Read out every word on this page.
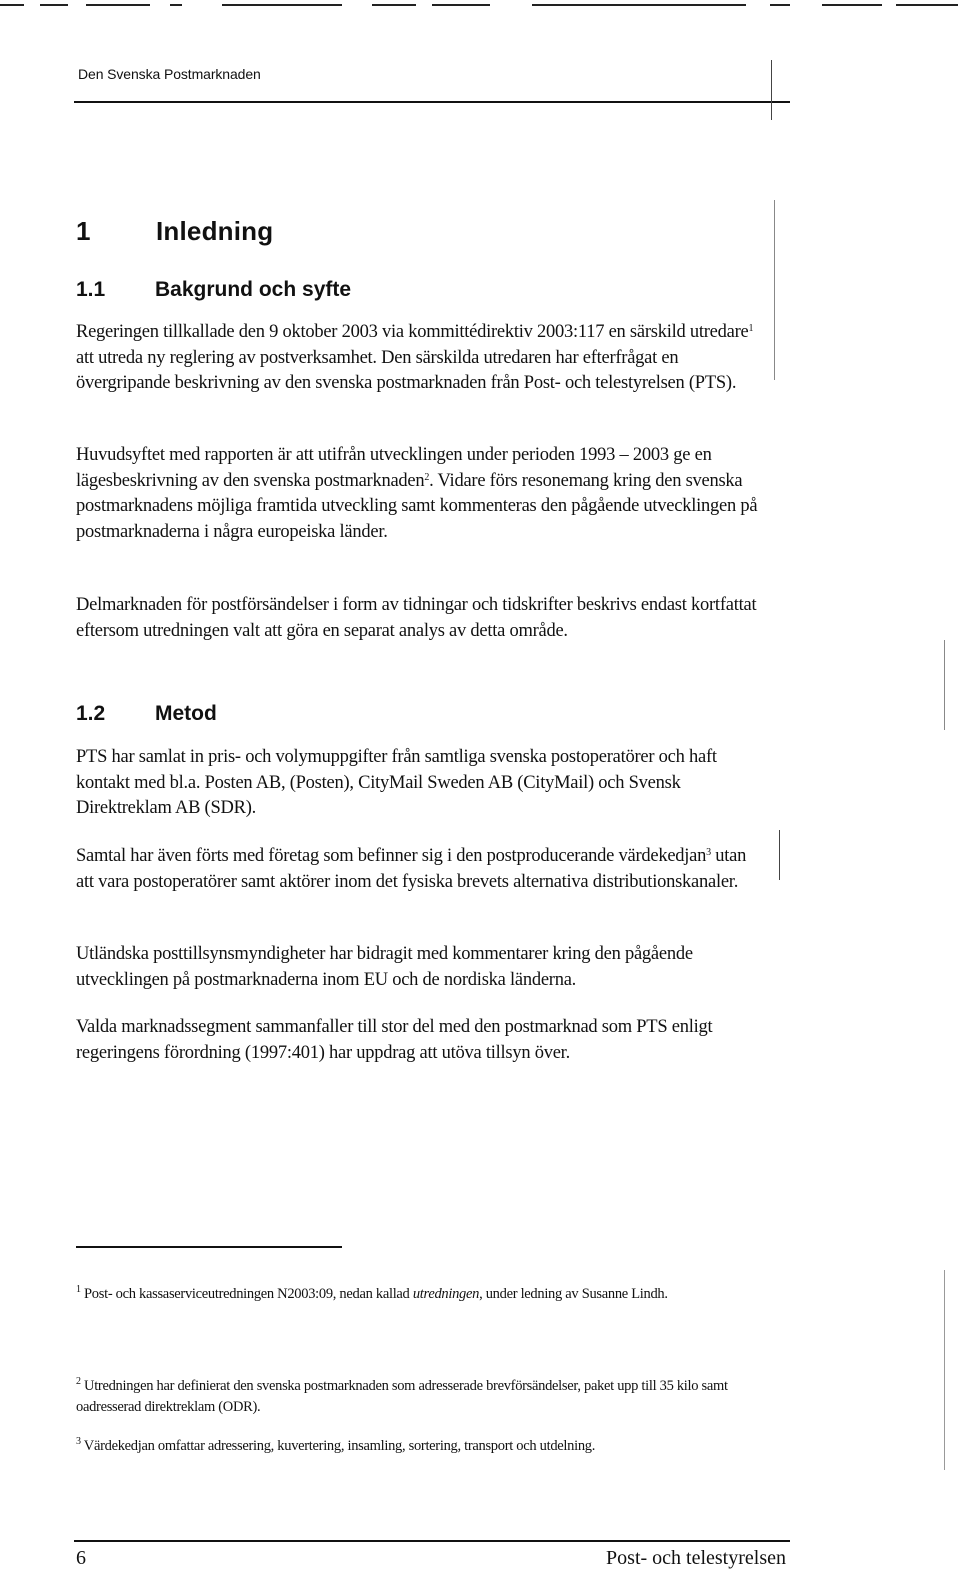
Den Svenska Postmarknaden
1	Inledning
1.1 Bakgrund och syfte

Regeringen tillkallade den 9 oktober 2003 via kommittédirektiv 2003:117 en särskild utredare$^1$ att utreda ny reglering av postverksamhet. Den särskilda utredaren har efterfrågat en övergripande beskrivning av den svenska postmarknaden från Post- och telestyrelsen (PTS).

Huvudsyftet med rapporten är att utifrån utvecklingen under perioden 1993 – 2003 ge en lägesbeskrivning av den svenska postmarknaden$^2$. Vidare förs resonemang kring den svenska postmarknadens möjliga framtida utveckling samt kommenteras den pågående utvecklingen på postmarknaderna i några europeiska länder.

Delmarknaden för postförsändelser i form av tidningar och tidskrifter beskrivs endast kortfattat eftersom utredningen valt att göra en separat analys av detta område.

1.2 Metod

PTS har samlat in pris- och volymuppgifter från samtliga svenska postoperatörer och haft kontakt med bl.a. Posten AB, (Posten), CityMail Sweden AB (CityMail) och Svensk Direktreklam AB (SDR).

Samtal har även förts med företag som befinner sig i den postproducerande värdekedjan$^3$ utan att vara postoperatörer samt aktörer inom det fysiska brevets alternativa distributionskanaler.

Utländska posttillsynsmyndigheter har bidragit med kommentarer kring den pågående utvecklingen på postmarknaderna inom EU och de nordiska länderna.

Valda marknadssegment sammanfaller till stor del med den postmarknad som PTS enligt regeringens förordning (1997:401) har uppdrag att utöva tillsyn över.

$^1$ Post- och kassaserviceutredningen N2003:09, nedan kallad utredningen, under ledning av Susanne Lindh.

$^2$ Utredningen har definierat den svenska postmarknaden som adresserade brevförsändelser, paket upp till 35 kilo samt oadresserad direktreklam (ODR).

$^3$ Värdekedjan omfattar adressering, kuvertering, insamling, sortering, transport och utdelning.

6	Post- och telestyrelsen
